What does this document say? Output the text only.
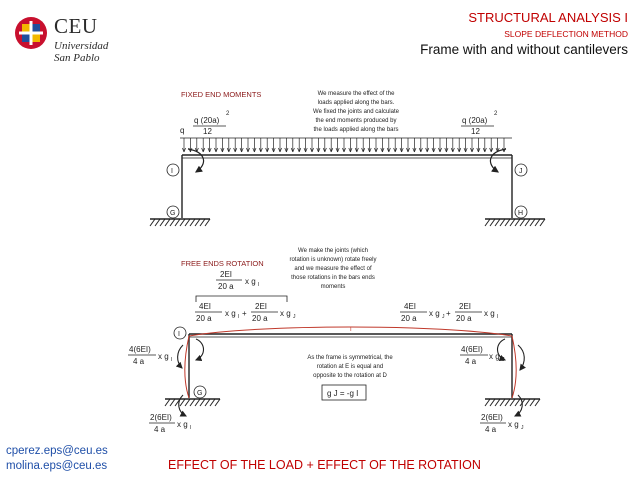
CEU
Universidad
San Pablo
STRUCTURAL ANALYSIS I
SLOPE DEFLECTION METHOD
Frame with and without cantilevers
FIXED END MOMENTS	We measure the effect of the
loads applied along the bars.
We fixed the joints and calculate
the end moments produced by
the loads applied along the bars
q (20a)
2
12
q (20a)
2
12
q
I	J
G	H
FREE ENDS ROTATION
We make the joints (which
rotation is unknown) rotate freely
and we measure the effect of
those rotations in the bars ends
moments
2EI
20 a
x g I
4EI
20 a
x g I +
2EI
20 a
x g J
4EI
20 a
x g J +
2EI
20 a
x g I
I
I
G
4(6EI)
4 a
x g I
4(6EI)
4 a
x g J
As the frame is symmetrical, the
rotation at E is equal and
opposite to the rotation at D
g J = -g I
2(6EI)
4 a
x g I
2(6EI)
4 a
x g J
cperez.eps@ceu.es
molina.eps@ceu.es	EFFECT OF THE LOAD + EFFECT OF THE ROTATION
